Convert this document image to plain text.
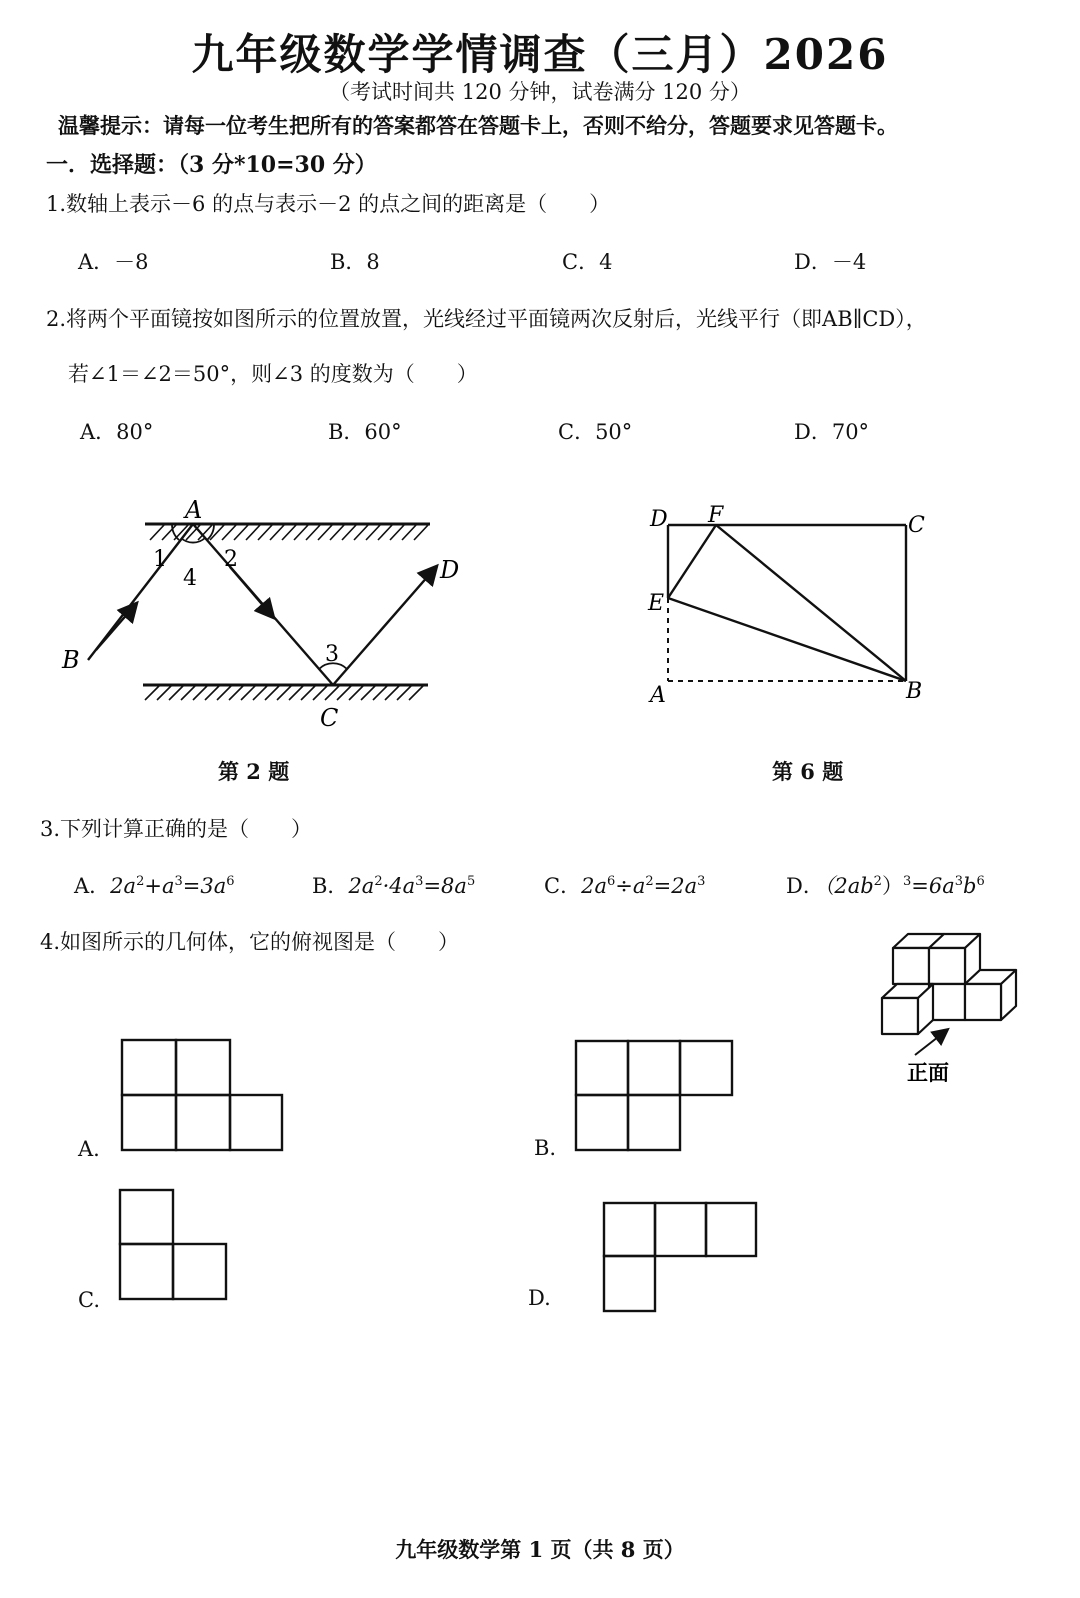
九年级数学学情调查（三月）2026
（考试时间共 120 分钟，试卷满分 120 分）
温馨提示：请每一位考生把所有的答案都答在答题卡上，否则不给分，答题要求见答题卡。
一．选择题：（3 分*10=30 分）
1.数轴上表示－6 的点与表示－2 的点之间的距离是（　　）
A．－8	B．8	C．4	D．－4
2.将两个平面镜按如图所示的位置放置，光线经过平面镜两次反射后，光线平行（即AB∥CD），
若∠1＝∠2＝50°，则∠3 的度数为（　　）
A．80°	B．60°	C．50°	D．70°
A
B
C
D
1	2
3
4
D F	C
E
A	B
第 2 题	第 6 题
3.下列计算正确的是（　　）
A．$2a^2+a^3=3a^6$	B．$2a^2\cdot 4a^3=8a^5$	C．$2a^6\div a^2=2a^3$	D．$(2ab^2)^3=6a^3b^6$
4.如图所示的几何体，它的俯视图是（　　）
正面
A.	B.
C.	D.
九年级数学第 1 页（共 8 页）
